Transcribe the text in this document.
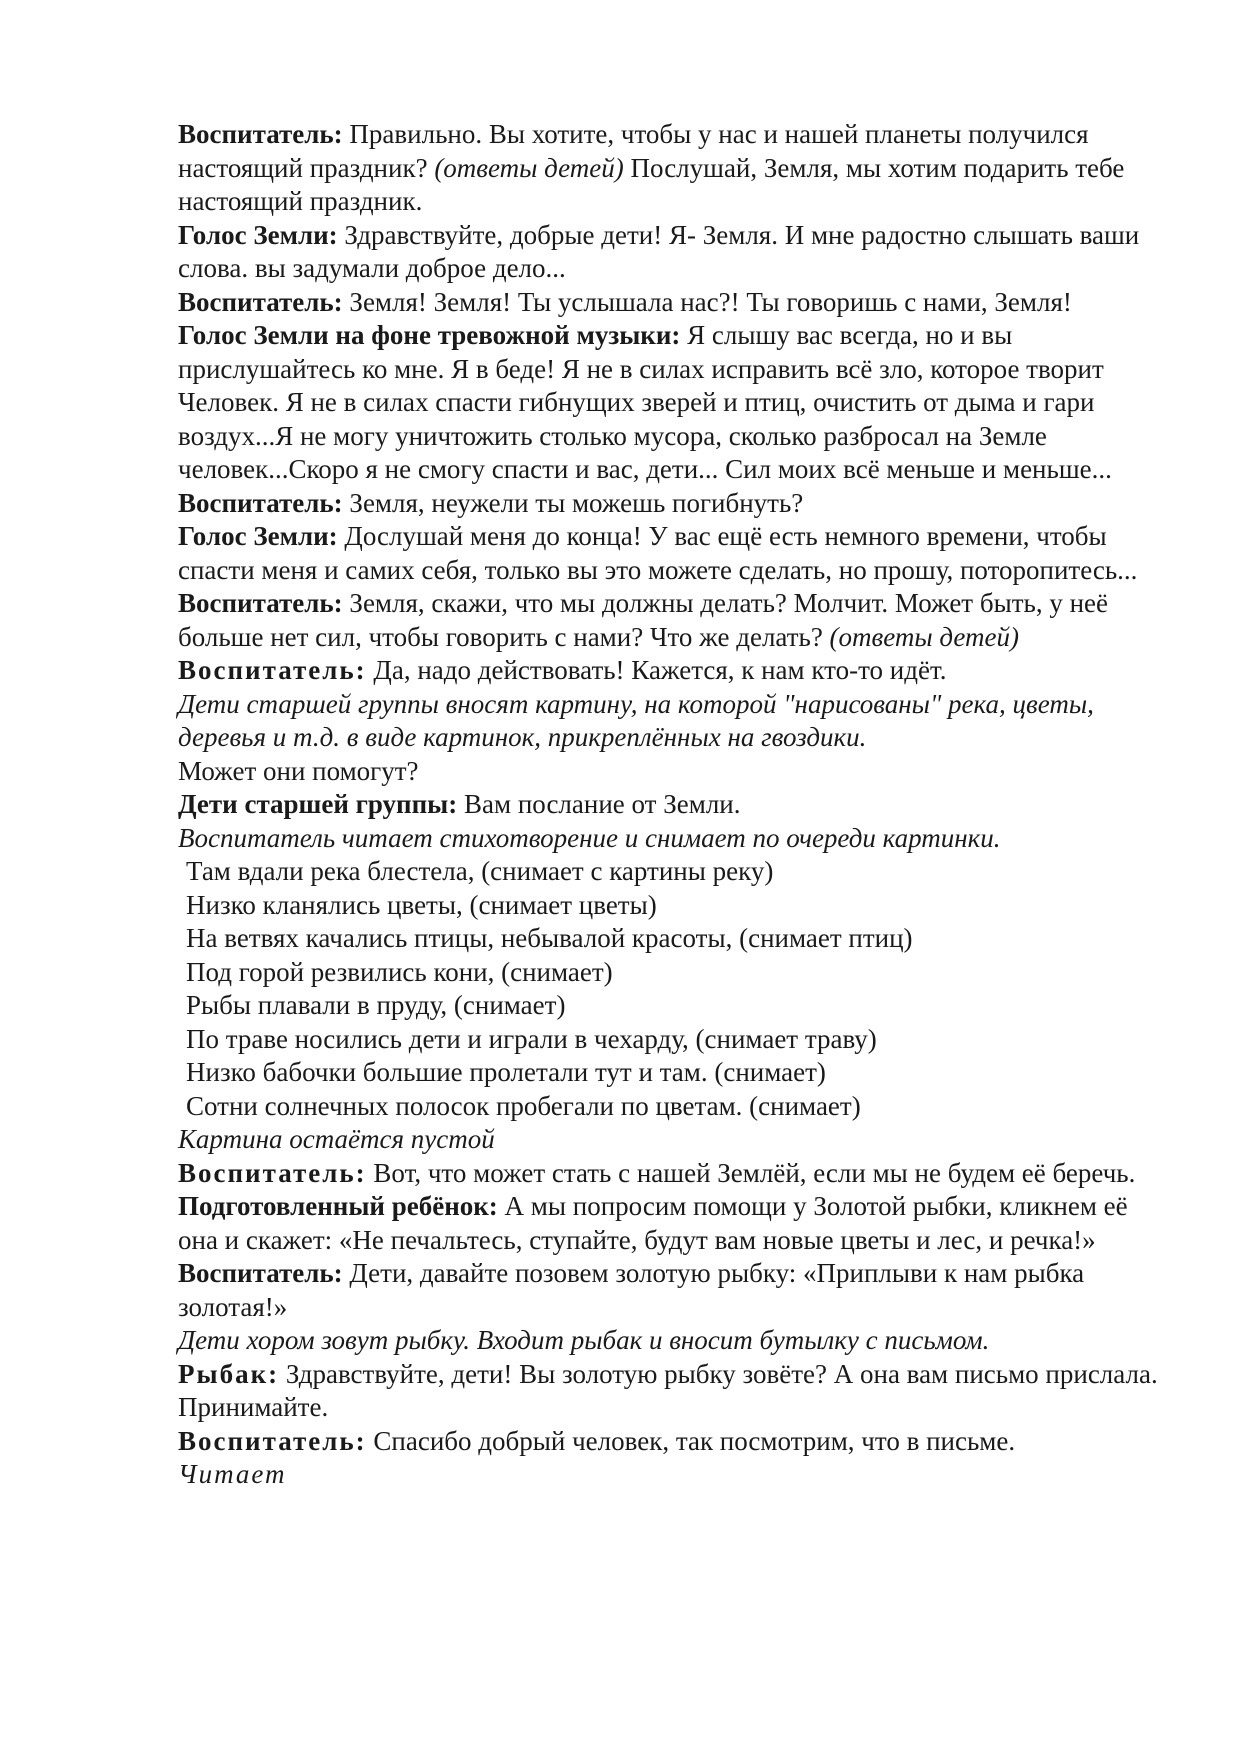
Воспитатель: Правильно. Вы хотите, чтобы у нас и нашей планеты получился настоящий праздник? (ответы детей) Послушай, Земля, мы хотим подарить тебе настоящий праздник.

Голос Земли: Здравствуйте, добрые дети! Я- Земля. И мне радостно слышать ваши слова. вы задумали доброе дело...

Воспитатель: Земля! Земля! Ты услышала нас?! Ты говоришь с нами, Земля!

Голос Земли на фоне тревожной музыки: Я слышу вас всегда, но и вы прислушайтесь ко мне. Я в беде! Я не в силах исправить всё зло, которое творит Человек. Я не в силах спасти гибнущих зверей и птиц, очистить от дыма и гари воздух...Я не могу уничтожить столько мусора, сколько разбросал на Земле человек...Скоро я не смогу спасти и вас, дети... Сил моих всё меньше и меньше...

Воспитатель: Земля, неужели ты можешь погибнуть?

Голос Земли: Дослушай меня до конца! У вас ещё есть немного времени, чтобы спасти меня и самих себя, только вы это можете сделать, но прошу, поторопитесь...

Воспитатель: Земля, скажи, что мы должны делать? Молчит. Может быть, у неё больше нет сил, чтобы говорить с нами? Что же делать? (ответы детей)

Воспитатель: Да, надо действовать! Кажется, к нам кто-то идёт.

Дети старшей группы вносят картину, на которой "нарисованы" река, цветы, деревья и т.д. в виде картинок, прикреплённых на гвоздики.

Может они помогут?

Дети старшей группы: Вам послание от Земли.

Воспитатель читает стихотворение и снимает по очереди картинки.

Там вдали река блестела, (снимает с картины реку)

Низко кланялись цветы, (снимает цветы)

На ветвях качались птицы, небывалой красоты, (снимает птиц)

Под горой резвились кони, (снимает)

Рыбы плавали в пруду, (снимает)

По траве носились дети и играли в чехарду, (снимает траву)

Низко бабочки большие пролетали тут и там. (снимает)

Сотни солнечных полосок пробегали по цветам. (снимает)

Картина остаётся пустой

Воспитатель: Вот, что может стать с нашей Землёй, если мы не будем её беречь.

Подготовленный ребёнок: А мы попросим помощи у Золотой рыбки, кликнем её она и скажет: «Не печальтесь, ступайте, будут вам новые цветы и лес, и речка!»

Воспитатель: Дети, давайте позовем золотую рыбку: «Приплыви к нам рыбка золотая!»

Дети хором зовут рыбку. Входит рыбак и вносит бутылку с письмом.

Рыбак: Здравствуйте, дети! Вы золотую рыбку зовёте? А она вам письмо прислала. Принимайте.

Воспитатель: Спасибо добрый человек, так посмотрим, что в письме.

Читает
